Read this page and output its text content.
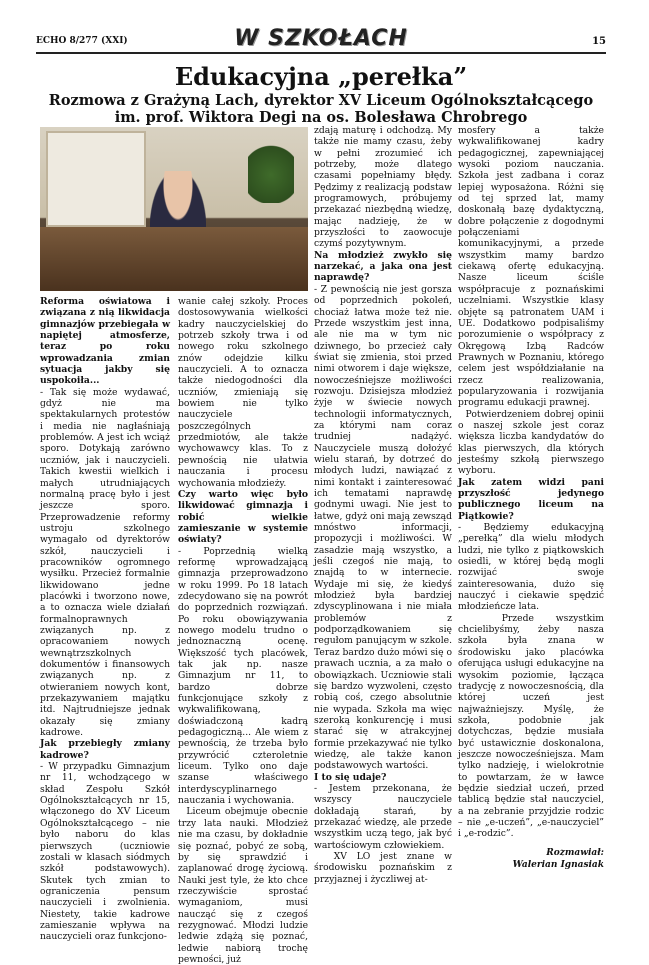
ECHO 8/277 (XXI)	W SZKOŁACH	15
Edukacyjna „perełka”
Rozmowa z Grażyną Lach, dyrektor XV Liceum Ogólnokształcącego im. prof. Wiktora Degi na os. Bolesława Chrobrego
Reforma oświatowa i związana z nią likwidacja gimnazjów przebiegała w napiętej atmosferze, teraz po roku wprowadzania zmian sytuacja jakby się uspokoiła...
- Tak się może wydawać, gdyż nie ma spektakularnych protestów i media nie nagłaśniają problemów. A jest ich wciąż sporo. Dotykają zarówno uczniów, jak i nauczycieli. Takich kwestii wielkich i małych utrudniających normalną pracę było i jest jeszcze sporo. Przeprowadzenie reformy ustroju szkolnego wymagało od dyrektorów szkół, nauczycieli i pracowników ogromnego wysiłku. Przecież formalnie likwidowano jedne placówki i tworzono nowe, a to oznacza wiele działań formalnoprawnych związanych np. z opracowaniem nowych wewnątrzszkolnych dokumentów i finansowych związanych np. z otwieraniem nowych kont, przekazywaniem majątku itd. Najtrudniejsze jednak okazały się zmiany kadrowe.
Jak przebiegły zmiany kadrowe?
- W przypadku Gimnazjum nr 11, wchodzącego w skład Zespołu Szkół Ogólnokształcących nr 15, włączonego do XV Liceum Ogólnokształcącego – nie było naboru do klas pierwszych (uczniowie zostali w klasach siódmych szkół podstawowych). Skutek tych zmian to ograniczenia pensum nauczycieli i zwolnienia. Niestety, takie kadrowe zamieszanie wpływa na nauczycieli oraz funkcjono-
wanie całej szkoły. Proces dostosowywania wielkości kadry nauczycielskiej do potrzeb szkoły trwa i od nowego roku szkolnego znów odejdzie kilku nauczycieli. A to oznacza także niedogodności dla uczniów, zmieniają się bowiem nie tylko nauczyciele poszczególnych przedmiotów, ale także wychowawcy klas. To z pewnością nie ułatwia nauczania i procesu wychowania młodzieży.
Czy warto więc było likwidować gimnazja i robić wielkie zamieszanie w systemie oświaty?
- Poprzednią wielką reformę wprowadzającą gimnazja przeprowadzono w roku 1999. Po 18 latach zdecydowano się na powrót do poprzednich rozwiązań. Po roku obowiązywania nowego modelu trudno o jednoznaczną ocenę. Większość tych placówek, tak jak np. nasze Gimnazjum nr 11, to bardzo dobrze funkcjonujące szkoły z wykwalifikowaną, doświadczoną kadrą pedagogiczną... Ale wiem z pewnością, że trzeba było przywrócić czteroletnie liceum. Tylko ono daje szanse właściwego interdyscyplinarnego nauczania i wychowania.
Liceum obejmuje obecnie trzy lata nauki. Młodzież nie ma czasu, by dokładnie się poznać, pobyć ze sobą, by się sprawdzić i zaplanować drogę życiową. Nauki jest tyle, że kto chce rzeczywiście sprostać wymaganiom, musi naucząć się z czegoś rezygnować. Młodzi ludzie ledwie zdążą się poznać, ledwie nabiorą trochę pewności, już
zdają maturę i odchodzą. My także nie mamy czasu, żeby w pełni zrozumieć ich potrzeby, może dlatego czasami popełniamy błędy. Pędzimy z realizacją podstaw programowych, próbujemy przekazać niezbędną wiedzę, mając nadzieję, że w przyszłości to zaowocuje czymś pozytywnym.
Na młodzież zwykło się narzekać, a jaka ona jest naprawdę?
- Z pewnością nie jest gorsza od poprzednich pokoleń, chociaż łatwa może też nie. Przede wszystkim jest inna, ale nie ma w tym nic dziwnego, bo przecież cały świat się zmienia, stoi przed nimi otworem i daje większe, nowocześniejsze możliwości rozwoju. Dzisiejsza młodzież żyje w świecie nowych technologii informatycznych, za którymi nam coraz trudniej nadążyć. Nauczyciele muszą dołożyć wielu starań, by dotrzeć do młodych ludzi, nawiązać z nimi kontakt i zainteresować ich tematami naprawdę godnymi uwagi. Nie jest to łatwe, gdyż oni mają zewsząd mnóstwo informacji, propozycji i możliwości. W zasadzie mają wszystko, a jeśli czegoś nie mają, to znajdą to w internecie. Wydaje mi się, że kiedyś młodzież była bardziej zdyscyplinowana i nie miała problemów z podporządkowaniem się regułom panującym w szkole. Teraz bardzo dużo mówi się o prawach ucznia, a za mało o obowiązkach. Uczniowie stali się bardzo wyzwoleni, często robią coś, czego absolutnie nie wypada. Szkoła ma więc szeroką konkurencję i musi starać się w atrakcyjnej formie przekazywać nie tylko wiedzę, ale także kanon podstawowych wartości.
I to się udaje?
- Jestem przekonana, że wszyscy nauczyciele dokładają starań, by przekazać wiedzę, ale przede wszystkim uczą tego, jak być wartościowym człowiekiem.
XV LO jest znane w środowisku poznańskim z przyjaznej i życzliwej at-
mosfery a także wykwalifikowanej kadry pedagogicznej, zapewniającej wysoki poziom nauczania. Szkoła jest zadbana i coraz lepiej wyposażona. Różni się od tej sprzed lat, mamy doskonałą bazę dydaktyczną, dobre połączenie z dogodnymi połączeniami komunikacyjnymi, a przede wszystkim mamy bardzo ciekawą ofertę edukacyjną. Nasze liceum ściśle współpracuje z poznańskimi uczelniami. Wszystkie klasy objęte są patronatem UAM i UE. Dodatkowo podpisaliśmy porozumienie o współpracy z Okręgową Izbą Radców Prawnych w Poznaniu, którego celem jest współdziałanie na rzecz realizowania, popularyzowania i rozwijania programu edukacji prawnej.
Potwierdzeniem dobrej opinii o naszej szkole jest coraz większa liczba kandydatów do klas pierwszych, dla których jesteśmy szkołą pierwszego wyboru.
Jak zatem widzi pani przyszłość jedynego publicznego liceum na Piątkowie?
- Będziemy edukacyjną „perełką” dla wielu młodych ludzi, nie tylko z piątkowskich osiedli, w której będą mogli rozwijać swoje zainteresowania, dużo się nauczyć i ciekawie spędzić młodzieńcze lata.
Przede wszystkim chcielibyśmy, żeby nasza szkoła była znana w środowisku jako placówka oferująca usługi edukacyjne na wysokim poziomie, łącząca tradycję z nowoczesnością, dla której uczeń jest najważniejszy. Myślę, że szkoła, podobnie jak dotychczas, będzie musiała być ustawicznie doskonalona, jeszcze nowocześniejsza. Mam tylko nadzieję, i wielokrotnie to powtarzam, że w ławce będzie siedział uczeń, przed tablicą będzie stał nauczyciel, a na zebranie przyjdzie rodzic – nie „e-uczeń”, „e-nauczyciel” i „e-rodzic”.
Rozmawiał:
Walerian Ignasiak
